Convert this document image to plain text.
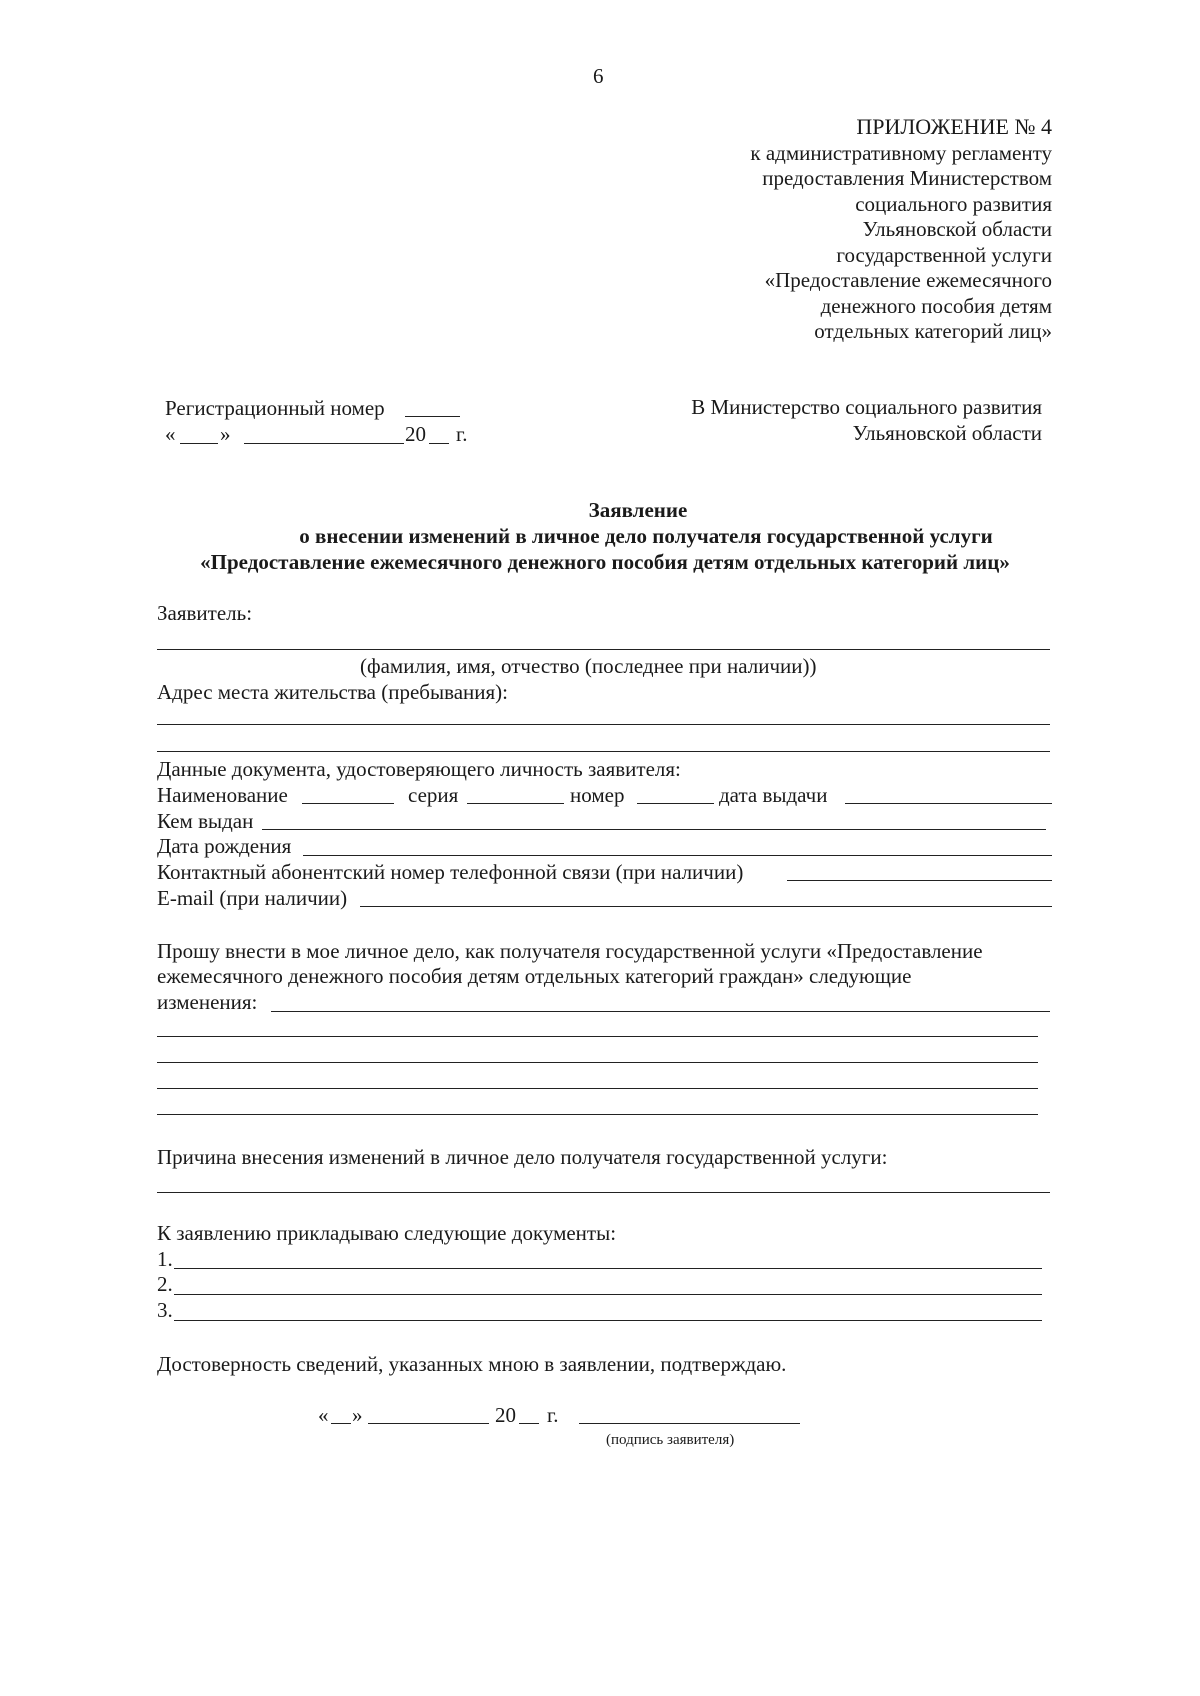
6
ПРИЛОЖЕНИЕ № 4
к административному регламенту
предоставления Министерством
социального развития
Ульяновской области
государственной услуги
«Предоставление ежемесячного
денежного пособия детям
отдельных категорий лиц»
Регистрационный номер
« »	20 г.
В Министерство социального развития
Ульяновской области
Заявление
о внесении изменений в личное дело получателя государственной услуги
«Предоставление ежемесячного денежного пособия детям отдельных категорий лиц»
Заявитель:
(фамилия, имя, отчество (последнее при наличии))
Адрес места жительства (пребывания):
Данные документа, удостоверяющего личность заявителя:
Наименование	серия	номер	дата выдачи
Кем выдан
Дата рождения
Контактный абонентский номер телефонной связи (при наличии)
E-mail (при наличии)
Прошу внести в мое личное дело, как получателя государственной услуги «Предоставление
ежемесячного денежного пособия детям отдельных категорий граждан» следующие
изменения:
Причина внесения изменений в личное дело получателя государственной услуги:
К заявлению прикладываю следующие документы:
1.
2.
3.
Достоверность сведений, указанных мною в заявлении, подтверждаю.
« »	20 г.
(подпись заявителя)
